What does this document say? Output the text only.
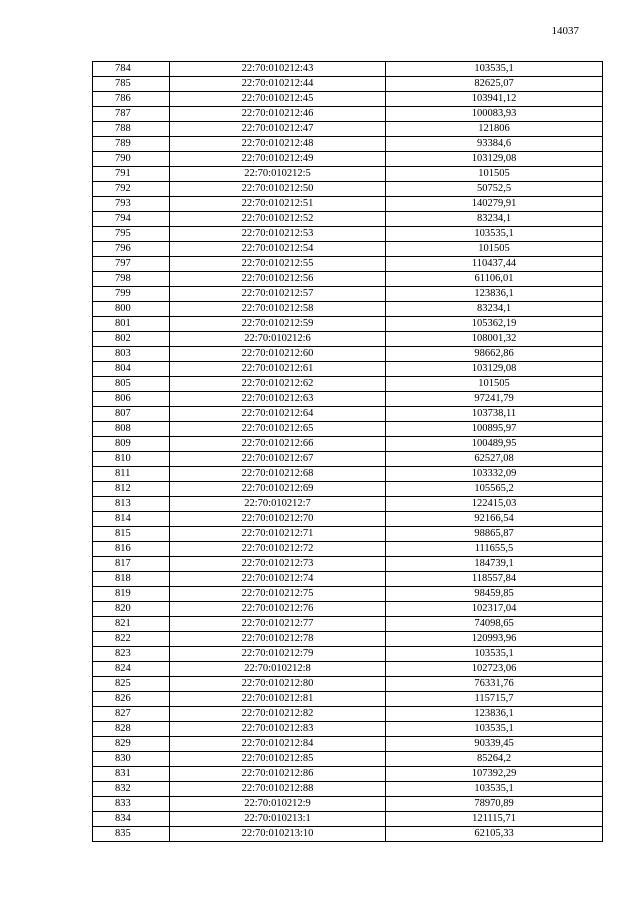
14037
784	22:70:010212:43	103535,1
785	22:70:010212:44	82625,07
786	22:70:010212:45	103941,12
787	22:70:010212:46	100083,93
788	22:70:010212:47	121806
789	22:70:010212:48	93384,6
790	22:70:010212:49	103129,08
791	22:70:010212:5	101505
792	22:70:010212:50	50752,5
793	22:70:010212:51	140279,91
794	22:70:010212:52	83234,1
795	22:70:010212:53	103535,1
796	22:70:010212:54	101505
797	22:70:010212:55	110437,44
798	22:70:010212:56	61106,01
799	22:70:010212:57	123836,1
800	22:70:010212:58	83234,1
801	22:70:010212:59	105362,19
802	22:70:010212:6	108001,32
803	22:70:010212:60	98662,86
804	22:70:010212:61	103129,08
805	22:70:010212:62	101505
806	22:70:010212:63	97241,79
807	22:70:010212:64	103738,11
808	22:70:010212:65	100895,97
809	22:70:010212:66	100489,95
810	22:70:010212:67	62527,08
811	22:70:010212:68	103332,09
812	22:70:010212:69	105565,2
813	22:70:010212:7	122415,03
814	22:70:010212:70	92166,54
815	22:70:010212:71	98865,87
816	22:70:010212:72	111655,5
817	22:70:010212:73	184739,1
818	22:70:010212:74	118557,84
819	22:70:010212:75	98459,85
820	22:70:010212:76	102317,04
821	22:70:010212:77	74098,65
822	22:70:010212:78	120993,96
823	22:70:010212:79	103535,1
824	22:70:010212:8	102723,06
825	22:70:010212:80	76331,76
826	22:70:010212:81	115715,7
827	22:70:010212:82	123836,1
828	22:70:010212:83	103535,1
829	22:70:010212:84	90339,45
830	22:70:010212:85	85264,2
831	22:70:010212:86	107392,29
832	22:70:010212:88	103535,1
833	22:70:010212:9	78970,89
834	22:70:010213:1	121115,71
835	22:70:010213:10	62105,33
